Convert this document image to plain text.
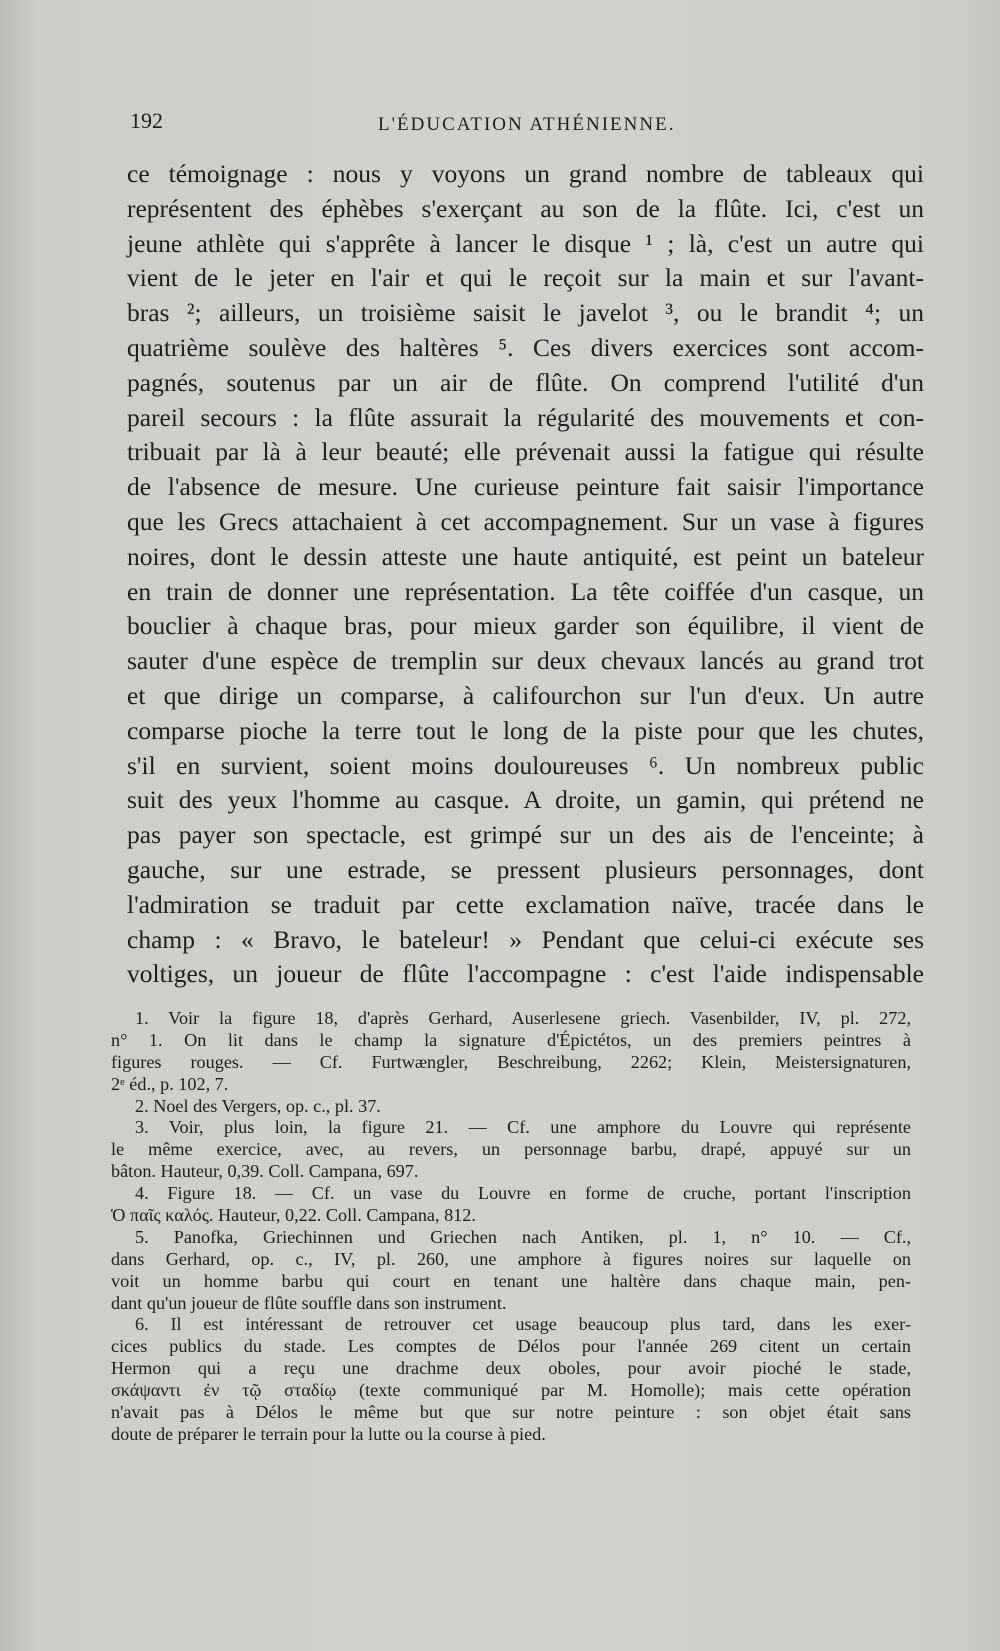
192	L'ÉDUCATION ATHÉNIENNE.
ce témoignage : nous y voyons un grand nombre de tableaux qui
représentent des éphèbes s'exerçant au son de la flûte. Ici, c'est un
jeune athlète qui s'apprête à lancer le disque ¹ ; là, c'est un autre qui
vient de le jeter en l'air et qui le reçoit sur la main et sur l'avant-
bras ²; ailleurs, un troisième saisit le javelot ³, ou le brandit ⁴; un
quatrième soulève des haltères ⁵. Ces divers exercices sont accom-
pagnés, soutenus par un air de flûte. On comprend l'utilité d'un
pareil secours : la flûte assurait la régularité des mouvements et con-
tribuait par là à leur beauté; elle prévenait aussi la fatigue qui résulte
de l'absence de mesure. Une curieuse peinture fait saisir l'importance
que les Grecs attachaient à cet accompagnement. Sur un vase à figures
noires, dont le dessin atteste une haute antiquité, est peint un bateleur
en train de donner une représentation. La tête coiffée d'un casque, un
bouclier à chaque bras, pour mieux garder son équilibre, il vient de
sauter d'une espèce de tremplin sur deux chevaux lancés au grand trot
et que dirige un comparse, à califourchon sur l'un d'eux. Un autre
comparse pioche la terre tout le long de la piste pour que les chutes,
s'il en survient, soient moins douloureuses ⁶. Un nombreux public
suit des yeux l'homme au casque. A droite, un gamin, qui prétend ne
pas payer son spectacle, est grimpé sur un des ais de l'enceinte; à
gauche, sur une estrade, se pressent plusieurs personnages, dont
l'admiration se traduit par cette exclamation naïve, tracée dans le
champ : « Bravo, le bateleur! » Pendant que celui-ci exécute ses
voltiges, un joueur de flûte l'accompagne : c'est l'aide indispensable
1. Voir la figure 18, d'après Gerhard, Auserlesene griech. Vasenbilder, IV, pl. 272,
n° 1. On lit dans le champ la signature d'Épictétos, un des premiers peintres à
figures rouges. — Cf. Furtwængler, Beschreibung, 2262; Klein, Meistersignaturen,
2ᵉ éd., p. 102, 7.
2. Noel des Vergers, op. c., pl. 37.
3. Voir, plus loin, la figure 21. — Cf. une amphore du Louvre qui représente
le même exercice, avec, au revers, un personnage barbu, drapé, appuyé sur un
bâton. Hauteur, 0,39. Coll. Campana, 697.
4. Figure 18. — Cf. un vase du Louvre en forme de cruche, portant l'inscription
Ὁ παῖς καλός. Hauteur, 0,22. Coll. Campana, 812.
5. Panofka, Griechinnen und Griechen nach Antiken, pl. 1, n° 10. — Cf.,
dans Gerhard, op. c., IV, pl. 260, une amphore à figures noires sur laquelle on
voit un homme barbu qui court en tenant une haltère dans chaque main, pen-
dant qu'un joueur de flûte souffle dans son instrument.
6. Il est intéressant de retrouver cet usage beaucoup plus tard, dans les exer-
cices publics du stade. Les comptes de Délos pour l'année 269 citent un certain
Hermon qui a reçu une drachme deux oboles, pour avoir pioché le stade,
σκάψαντι ἐν τῷ σταδίῳ (texte communiqué par M. Homolle); mais cette opération
n'avait pas à Délos le même but que sur notre peinture : son objet était sans
doute de préparer le terrain pour la lutte ou la course à pied.
